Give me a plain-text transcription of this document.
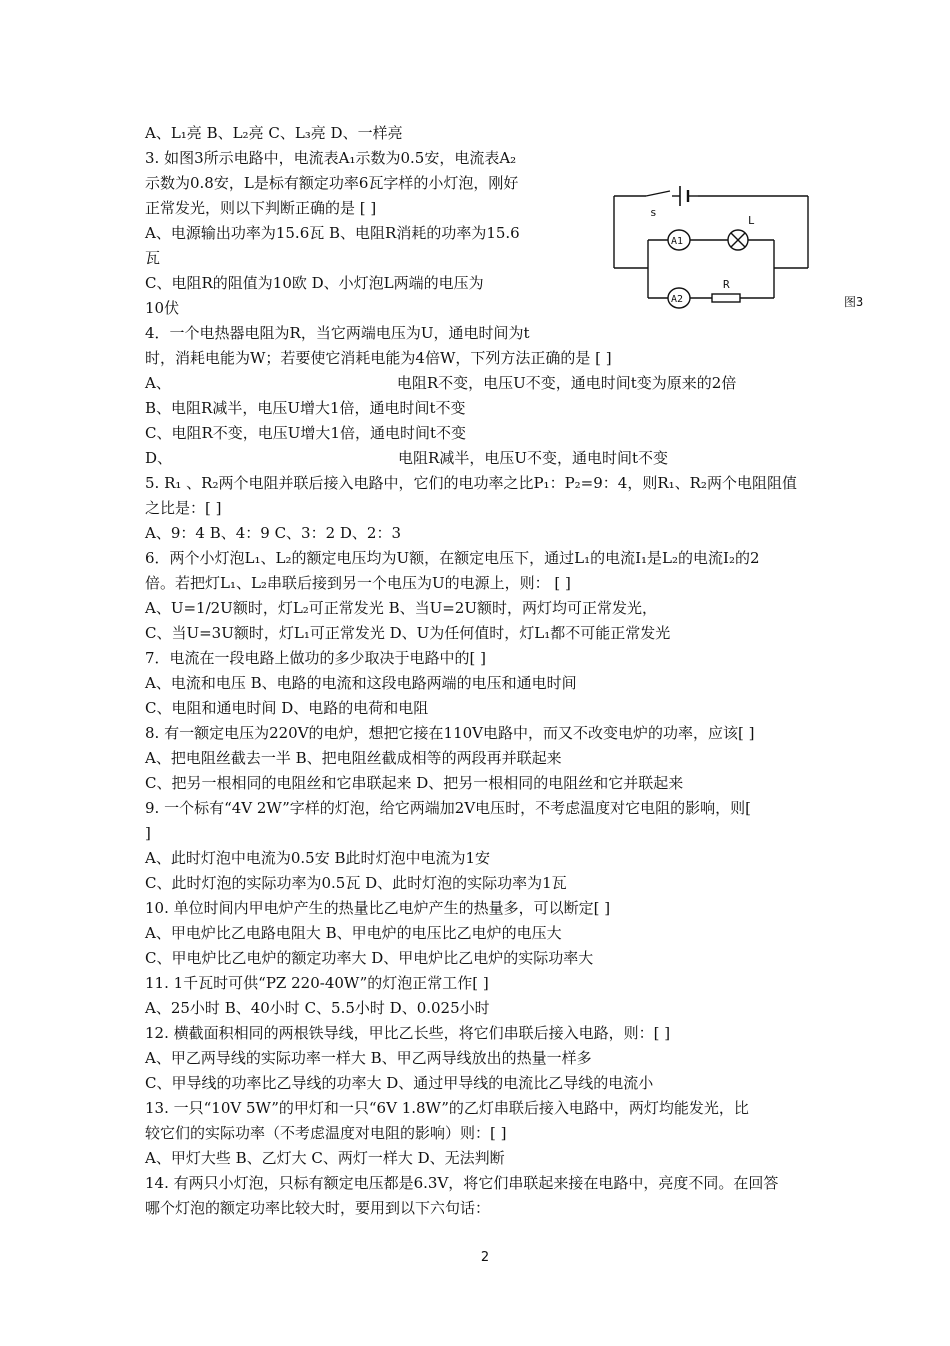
A、L₁亮 B、L₂亮 C、L₃亮 D、一样亮
3. 如图3所示电路中，电流表A₁示数为0.5安，电流表A₂
示数为0.8安，L是标有额定功率6瓦字样的小灯泡，刚好
正常发光，则以下判断正确的是 [ ]
A、电源输出功率为15.6瓦 B、电阻R消耗的功率为15.6
瓦
C、电阻R的阻值为10欧 D、小灯泡L两端的电压为
10伏
4．一个电热器电阻为R，当它两端电压为U，通电时间为t
时，消耗电能为W；若要使它消耗电能为4倍W，下列方法正确的是 [ ]
A、	电阻R不变，电压U不变，通电时间t变为原来的2倍
B、电阻R减半，电压U增大1倍，通电时间t不变
C、电阻R不变，电压U增大1倍，通电时间t不变
D、	电阻R减半，电压U不变，通电时间t不变
5. R₁ 、R₂两个电阻并联后接入电路中，它们的电功率之比P₁：P₂=9：4，则R₁、R₂两个电阻阻值
之比是：[ ]
A、9：4 B、4：9 C、3：2 D、2：3
6．两个小灯泡L₁、L₂的额定电压均为U额，在额定电压下，通过L₁的电流I₁是L₂的电流I₂的2
倍。若把灯L₁、L₂串联后接到另一个电压为U的电源上，则： [ ]
A、U=1/2U额时，灯L₂可正常发光 B、当U=2U额时，两灯均可正常发光，
C、当U=3U额时，灯L₁可正常发光 D、U为任何值时，灯L₁都不可能正常发光
7．电流在一段电路上做功的多少取决于电路中的[ ]
A、电流和电压 B、电路的电流和这段电路两端的电压和通电时间
C、电阻和通电时间 D、电路的电荷和电阻
8. 有一额定电压为220V的电炉，想把它接在110V电路中，而又不改变电炉的功率，应该[ ]
A、把电阻丝截去一半 B、把电阻丝截成相等的两段再并联起来
C、把另一根相同的电阻丝和它串联起来 D、把另一根相同的电阻丝和它并联起来
9. 一个标有“4V 2W”字样的灯泡，给它两端加2V电压时，不考虑温度对它电阻的影响，则[
]
A、此时灯泡中电流为0.5安 B此时灯泡中电流为1安
C、此时灯泡的实际功率为0.5瓦 D、此时灯泡的实际功率为1瓦
10. 单位时间内甲电炉产生的热量比乙电炉产生的热量多，可以断定[ ]
A、甲电炉比乙电路电阻大 B、甲电炉的电压比乙电炉的电压大
C、甲电炉比乙电炉的额定功率大 D、甲电炉比乙电炉的实际功率大
11. 1千瓦时可供“PZ 220-40W”的灯泡正常工作[ ]
A、25小时 B、40小时 C、5.5小时 D、0.025小时
12. 横截面积相同的两根铁导线，甲比乙长些，将它们串联后接入电路，则：[ ]
A、甲乙两导线的实际功率一样大 B、甲乙两导线放出的热量一样多
C、甲导线的功率比乙导线的功率大 D、通过甲导线的电流比乙导线的电流小
13. 一只“10V 5W”的甲灯和一只“6V 1.8W”的乙灯串联后接入电路中，两灯均能发光，比
较它们的实际功率（不考虑温度对电阻的影响）则：[ ]
A、甲灯大些 B、乙灯大 C、两灯一样大 D、无法判断
14. 有两只小灯泡，只标有额定电压都是6.3V，将它们串联起来接在电路中，亮度不同。在回答
哪个灯泡的额定功率比较大时，要用到以下六句话：
s
L
A1
A2
R
图3
2
